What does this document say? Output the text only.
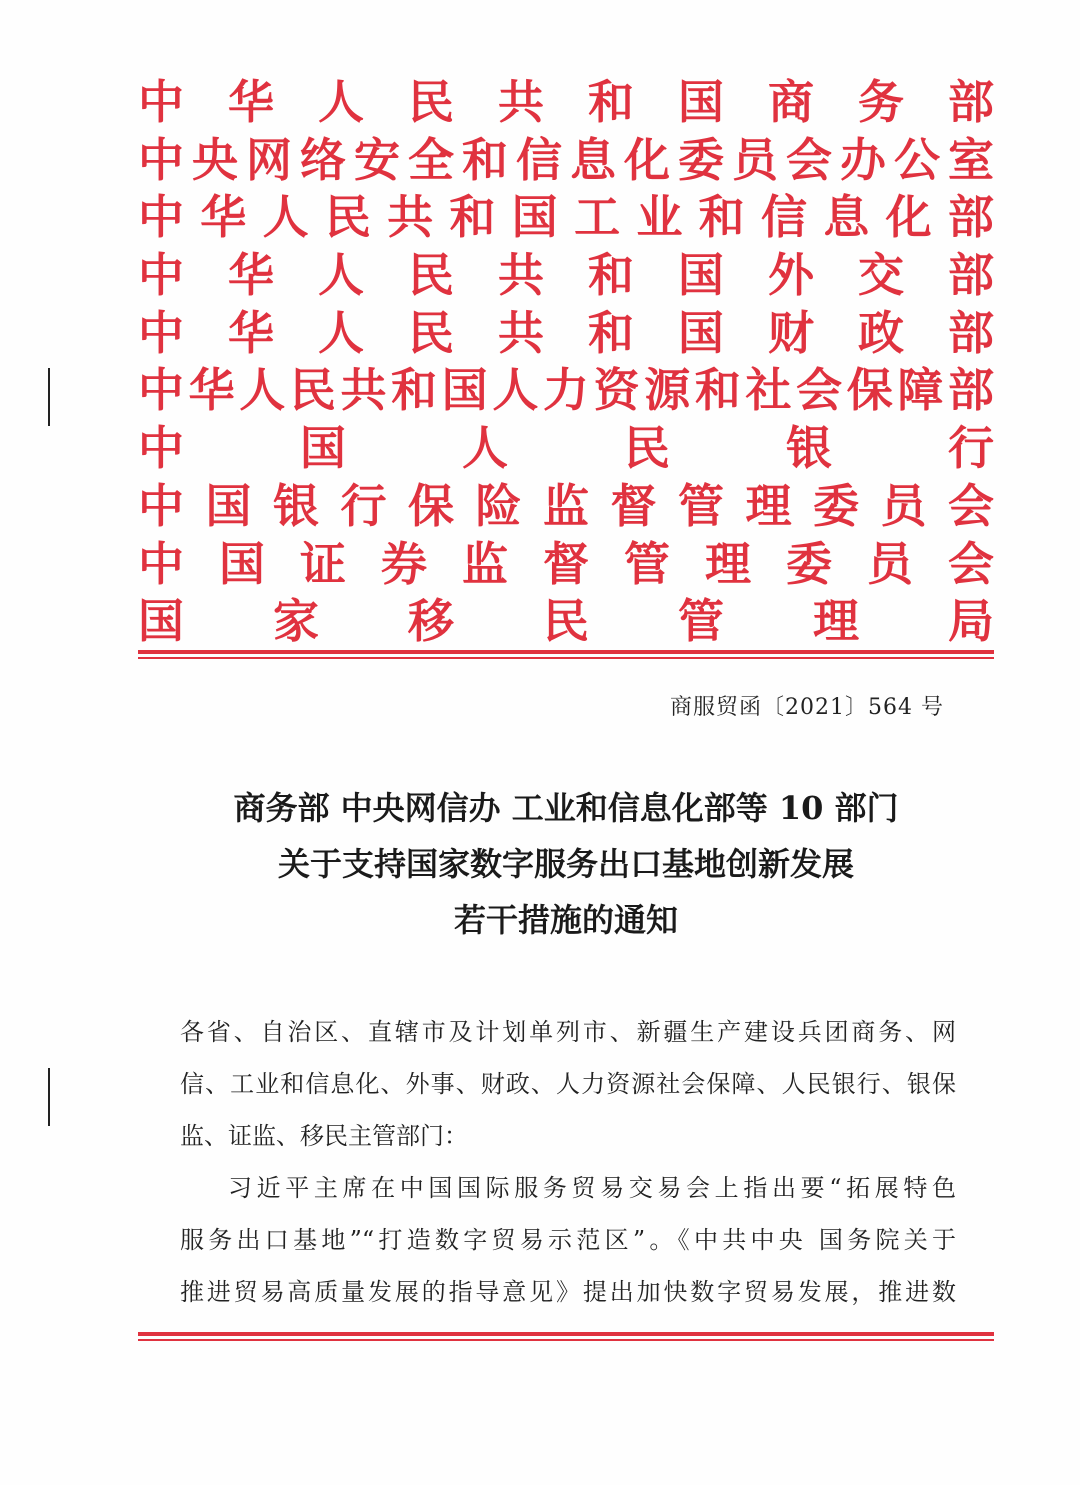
中 华 人 民 共 和 国 商 务 部
中 央 网 络 安 全 和 信 息 化 委 员 会 办 公 室
中 华 人 民 共 和 国 工 业 和 信 息 化 部
中 华 人 民 共 和 国 外 交 部
中 华 人 民 共 和 国 财 政 部
中 华 人 民 共 和 国 人 力 资 源 和 社 会 保 障 部
中	国	人	民	银	行
中 国 银 行 保 险 监 督 管 理 委 员 会
中 国 证 券 监 督 管 理 委 员 会
国 家 移 民 管 理 局
商服贸函〔2021〕564 号
商务部 中央网信办 工业和信息化部等 10 部门
关于支持国家数字服务出口基地创新发展
若干措施的通知
各省、自治区、直辖市及计划单列市、新疆生产建设兵团商务、网
信、工业和信息化、外事、财政、人力资源社会保障、人民银行、银保
监、证监、移民主管部门：
习近平主席在中国国际服务贸易交易会上指出要“拓展特色
服务出口基地”“打造数字贸易示范区”。《中共中央 国务院关于
推进贸易高质量发展的指导意见》提出加快数字贸易发展，推进数
